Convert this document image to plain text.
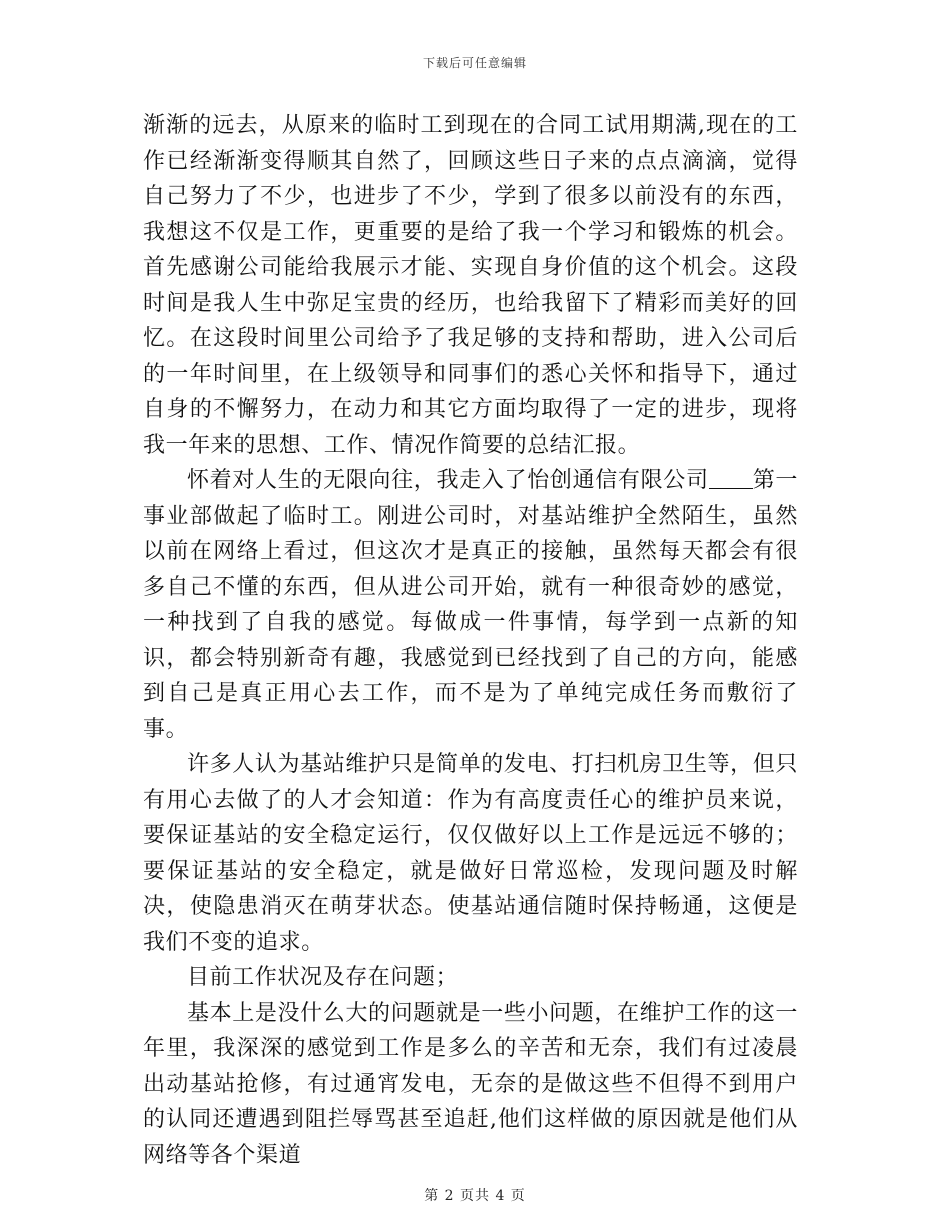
下载后可任意编辑

渐渐的远去，从原来的临时工到现在的合同工试用期满,现在的工作已经渐渐变得顺其自然了，回顾这些日子来的点点滴滴，觉得自己努力了不少，也进步了不少，学到了很多以前没有的东西，我想这不仅是工作，更重要的是给了我一个学习和锻炼的机会。首先感谢公司能给我展示才能、实现自身价值的这个机会。这段时间是我人生中弥足宝贵的经历，也给我留下了精彩而美好的回忆。在这段时间里公司给予了我足够的支持和帮助，进入公司后的一年时间里，在上级领导和同事们的悉心关怀和指导下，通过自身的不懈努力，在动力和其它方面均取得了一定的进步，现将我一年来的思想、工作、情况作简要的总结汇报。

怀着对人生的无限向往，我走入了怡创通信有限公司 第一事业部做起了临时工。刚进公司时，对基站维护全然陌生，虽然以前在网络上看过，但这次才是真正的接触，虽然每天都会有很多自己不懂的东西，但从进公司开始，就有一种很奇妙的感觉，一种找到了自我的感觉。每做成一件事情，每学到一点新的知识，都会特别新奇有趣，我感觉到已经找到了自己的方向，能感到自己是真正用心去工作，而不是为了单纯完成任务而敷衍了事。

许多人认为基站维护只是简单的发电、打扫机房卫生等，但只有用心去做了的人才会知道：作为有高度责任心的维护员来说，要保证基站的安全稳定运行，仅仅做好以上工作是远远不够的；要保证基站的安全稳定，就是做好日常巡检，发现问题及时解决，使隐患消灭在萌芽状态。使基站通信随时保持畅通，这便是我们不变的追求。

目前工作状况及存在问题；

基本上是没什么大的问题就是一些小问题，在维护工作的这一年里，我深深的感觉到工作是多么的辛苦和无奈，我们有过凌晨出动基站抢修，有过通宵发电，无奈的是做这些不但得不到用户的认同还遭遇到阻拦辱骂甚至追赶,他们这样做的原因就是他们从网络等各个渠道

第 2 页共 4 页
